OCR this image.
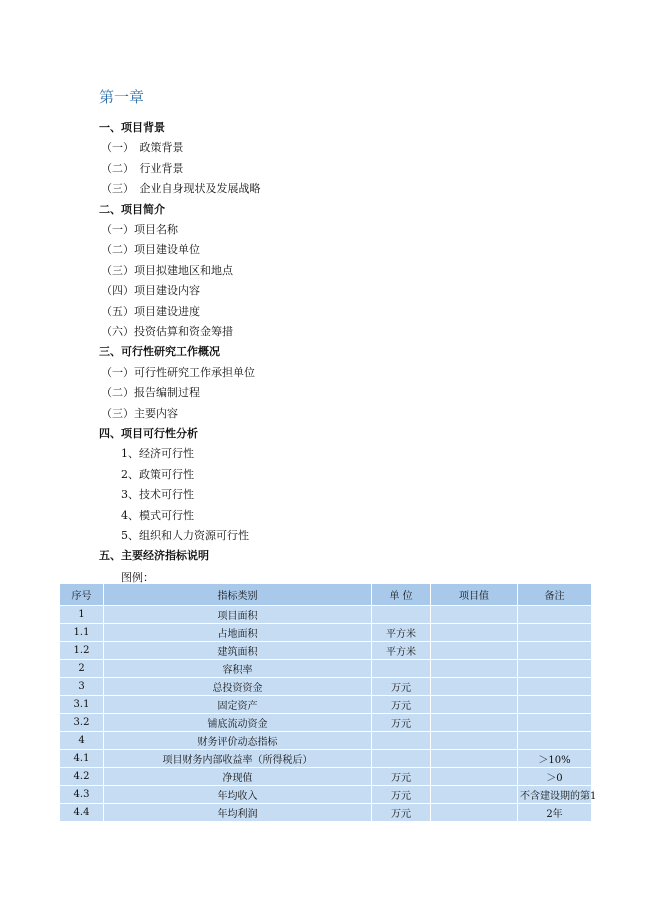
第一章
一、项目背景
（一）　政策背景
（二）　行业背景
（三）　企业自身现状及发展战略
二、项目简介
（一）项目名称
（二）项目建设单位
（三）项目拟建地区和地点
（四）项目建设内容
（五）项目建设进度
（六）投资估算和资金筹措
三、可行性研究工作概况
（一）可行性研究工作承担单位
（二）报告编制过程
（三）主要内容
四、项目可行性分析
1、经济可行性
2、政策可行性
3、技术可行性
4、模式可行性
5、组织和人力资源可行性
五、主要经济指标说明
图例：
序号	指标类别	单 位	项目值	备注
1	项目面积			
1.1	占地面积	平方米		
1.2	建筑面积	平方米		
2	容积率			
3	总投资资金	万元		
3.1	固定资产	万元		
3.2	铺底流动资金	万元		
4	财务评价动态指标			
4.1	项目财务内部收益率（所得税后）			＞10%
4.2	净现值	万元		＞0
4.3	年均收入	万元		不含建设期的第1
4.4	年均利润	万元		2年
